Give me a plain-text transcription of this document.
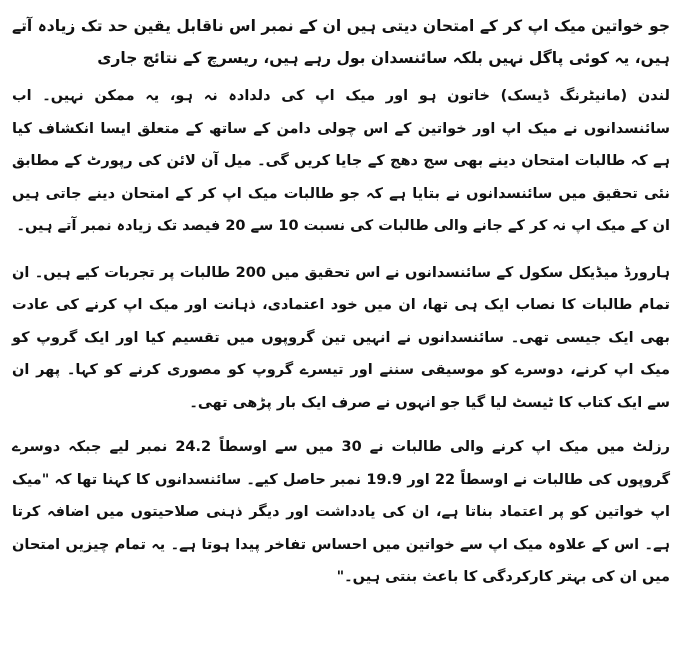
جو خواتین میک اپ کر کے امتحان دیتی ہیں ان کے نمبر اس ناقابل یقین حد تک زیادہ آتے ہیں، یہ کوئی پاگل نہیں بلکہ سائنسدان بول رہے ہیں، ریسرچ کے نتائج جاری

لندن (مانیٹرنگ ڈیسک) خاتون ہو اور میک اپ کی دلدادہ نہ ہو، یہ ممکن نہیں۔ اب سائنسدانوں نے میک اپ اور خواتین کے اس چولی دامن کے ساتھ کے متعلق ایسا انکشاف کیا ہے کہ طالبات امتحان دینے بھی سج دھج کے جایا کریں گی۔ میل آن لائن کی رپورٹ کے مطابق نئی تحقیق میں سائنسدانوں نے بتایا ہے کہ جو طالبات میک اپ کر کے امتحان دینے جاتی ہیں ان کے میک اپ نہ کر کے جانے والی طالبات کی نسبت 10 سے 20 فیصد تک زیادہ نمبر آتے ہیں۔

ہارورڈ میڈیکل سکول کے سائنسدانوں نے اس تحقیق میں 200 طالبات پر تجربات کیے ہیں۔ ان تمام طالبات کا نصاب ایک ہی تھا، ان میں خود اعتمادی، ذہانت اور میک اپ کرنے کی عادت بھی ایک جیسی تھی۔ سائنسدانوں نے انہیں تین گروپوں میں تقسیم کیا اور ایک گروپ کو میک اپ کرنے، دوسرے کو موسیقی سننے اور تیسرے گروپ کو مصوری کرنے کو کہا۔ پھر ان سے ایک کتاب کا ٹیسٹ لیا گیا جو انہوں نے صرف ایک بار پڑھی تھی۔

رزلٹ میں میک اپ کرنے والی طالبات نے 30 میں سے اوسطاً 24.2 نمبر لیے جبکہ دوسرے گروپوں کی طالبات نے اوسطاً 22 اور 19.9 نمبر حاصل کیے۔ سائنسدانوں کا کہنا تھا کہ "میک اپ خواتین کو پر اعتماد بناتا ہے، ان کی یادداشت اور دیگر ذہنی صلاحیتوں میں اضافہ کرتا ہے۔ اس کے علاوہ میک اپ سے خواتین میں احساس تفاخر پیدا ہوتا ہے۔ یہ تمام چیزیں امتحان میں ان کی بہتر کارکردگی کا باعث بنتی ہیں۔"
